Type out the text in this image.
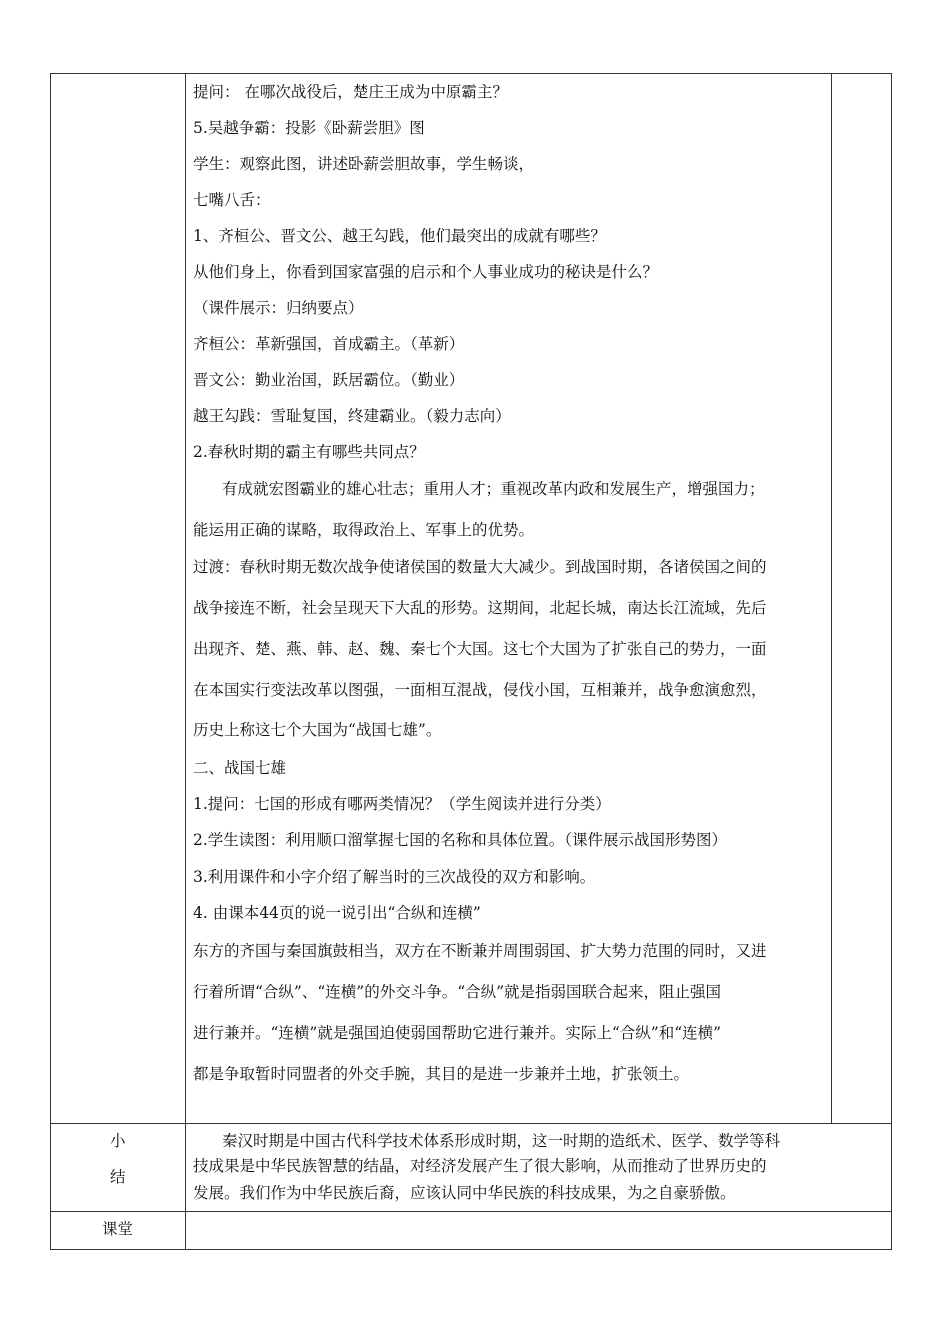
提问： 在哪次战役后，楚庄王成为中原霸主？
5.吴越争霸：投影《卧薪尝胆》图
学生：观察此图，讲述卧薪尝胆故事，学生畅谈，
七嘴八舌：
1、齐桓公、晋文公、越王勾践，他们最突出的成就有哪些？
从他们身上，你看到国家富强的启示和个人事业成功的秘诀是什么？
（课件展示：归纳要点）
齐桓公：革新强国，首成霸主。（革新）
晋文公：勤业治国，跃居霸位。（勤业）
越王勾践：雪耻复国，终建霸业。（毅力志向）
2.春秋时期的霸主有哪些共同点？
有成就宏图霸业的雄心壮志；重用人才；重视改革内政和发展生产，增强国力；
能运用正确的谋略，取得政治上、军事上的优势。
过渡：春秋时期无数次战争使诸侯国的数量大大减少。到战国时期，各诸侯国之间的
战争接连不断，社会呈现天下大乱的形势。这期间，北起长城，南达长江流域，先后
出现齐、楚、燕、韩、赵、魏、秦七个大国。这七个大国为了扩张自己的势力，一面
在本国实行变法改革以图强，一面相互混战，侵伐小国，互相兼并，战争愈演愈烈，
历史上称这七个大国为“战国七雄”。
二、战国七雄
1.提问：七国的形成有哪两类情况？（学生阅读并进行分类）
2.学生读图：利用顺口溜掌握七国的名称和具体位置。（课件展示战国形势图）
3.利用课件和小字介绍了解当时的三次战役的双方和影响。
4. 由课本44页的说一说引出“合纵和连横”
东方的齐国与秦国旗鼓相当，双方在不断兼并周围弱国、扩大势力范围的同时，又进
行着所谓“合纵”、“连横”的外交斗争。“合纵”就是指弱国联合起来，阻止强国
进行兼并。“连横”就是强国迫使弱国帮助它进行兼并。实际上“合纵”和“连横”
都是争取暂时同盟者的外交手腕，其目的是进一步兼并土地，扩张领土。
小
结
秦汉时期是中国古代科学技术体系形成时期，这一时期的造纸术、医学、数学等科
技成果是中华民族智慧的结晶，对经济发展产生了很大影响，从而推动了世界历史的
发展。我们作为中华民族后裔，应该认同中华民族的科技成果，为之自豪骄傲。
课堂
